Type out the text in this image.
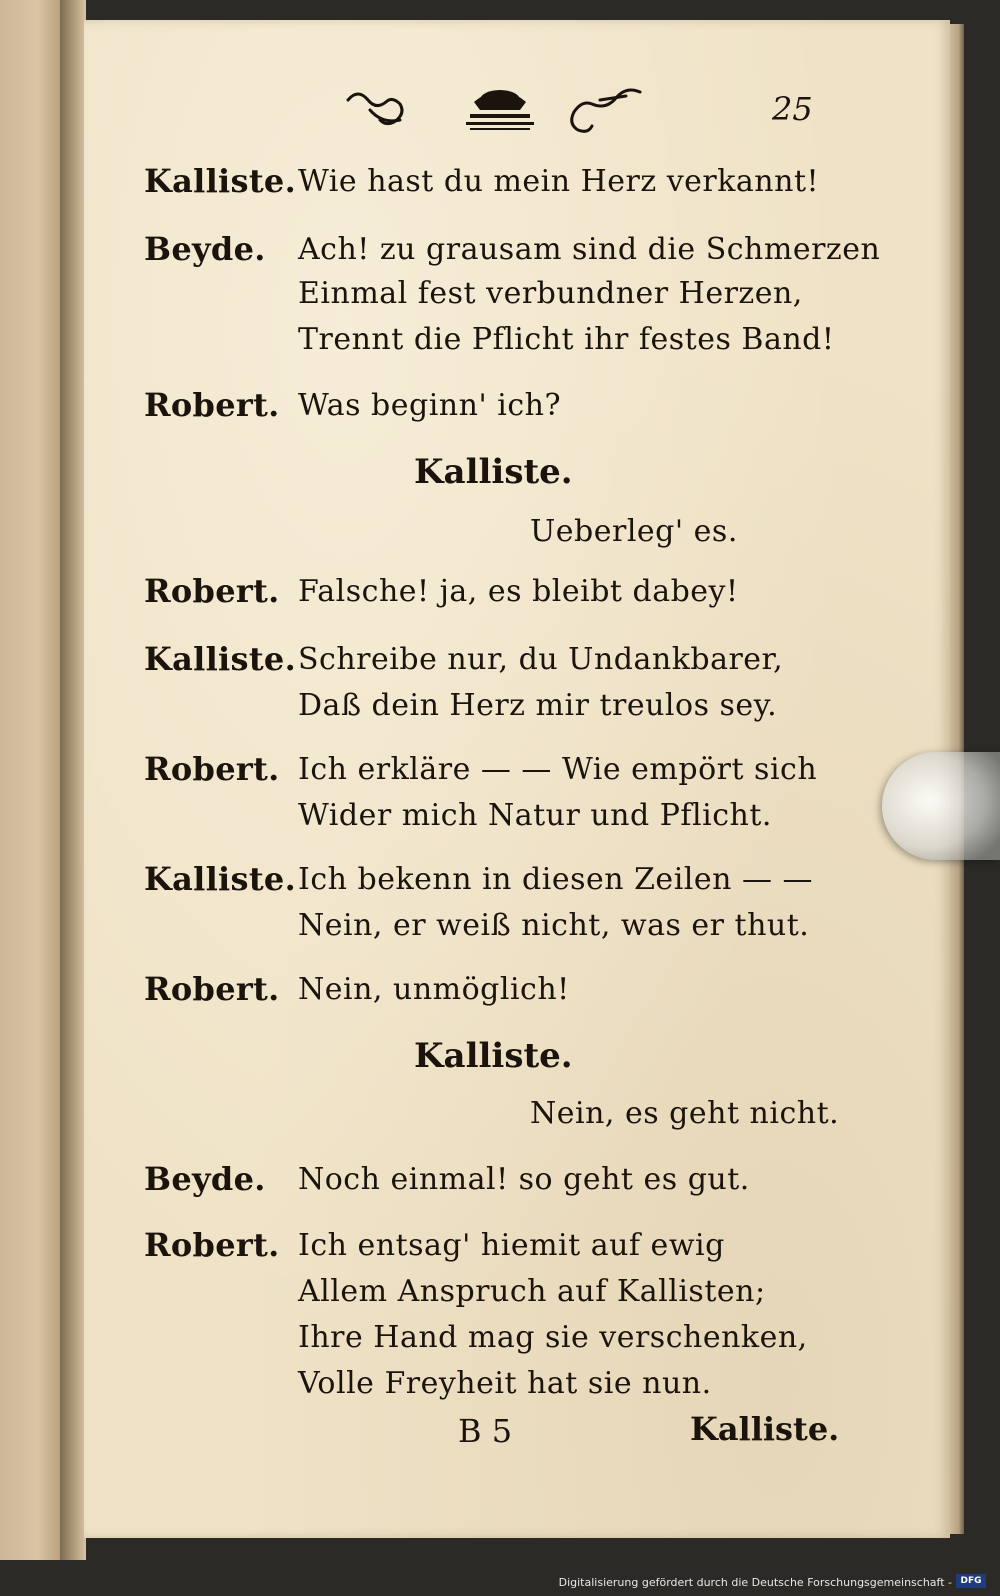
25
Kalliste. Wie hast du mein Herz verkannt!
Beyde. Ach! zu grausam sind die Schmerzen
Einmal fest verbundner Herzen,
Trennt die Pflicht ihr festes Band!
Robert. Was beginn' ich?
Kalliste.
Ueberleg' es.
Robert. Falsche! ja, es bleibt dabey!
Kalliste. Schreibe nur, du Undankbarer,
Daß dein Herz mir treulos sey.
Robert. Ich erkläre — — Wie empört sich
Wider mich Natur und Pflicht.
Kalliste. Ich bekenn in diesen Zeilen — —
Nein, er weiß nicht, was er thut.
Robert. Nein, unmöglich!
Kalliste.
Nein, es geht nicht.
Beyde. Noch einmal! so geht es gut.
Robert. Ich entsag' hiemit auf ewig
Allem Anspruch auf Kallisten;
Ihre Hand mag sie verschenken,
Volle Freyheit hat sie nun.
B 5	Kalliste.
Digitalisierung gefördert durch die Deutsche Forschungsgemeinschaft - DFG
